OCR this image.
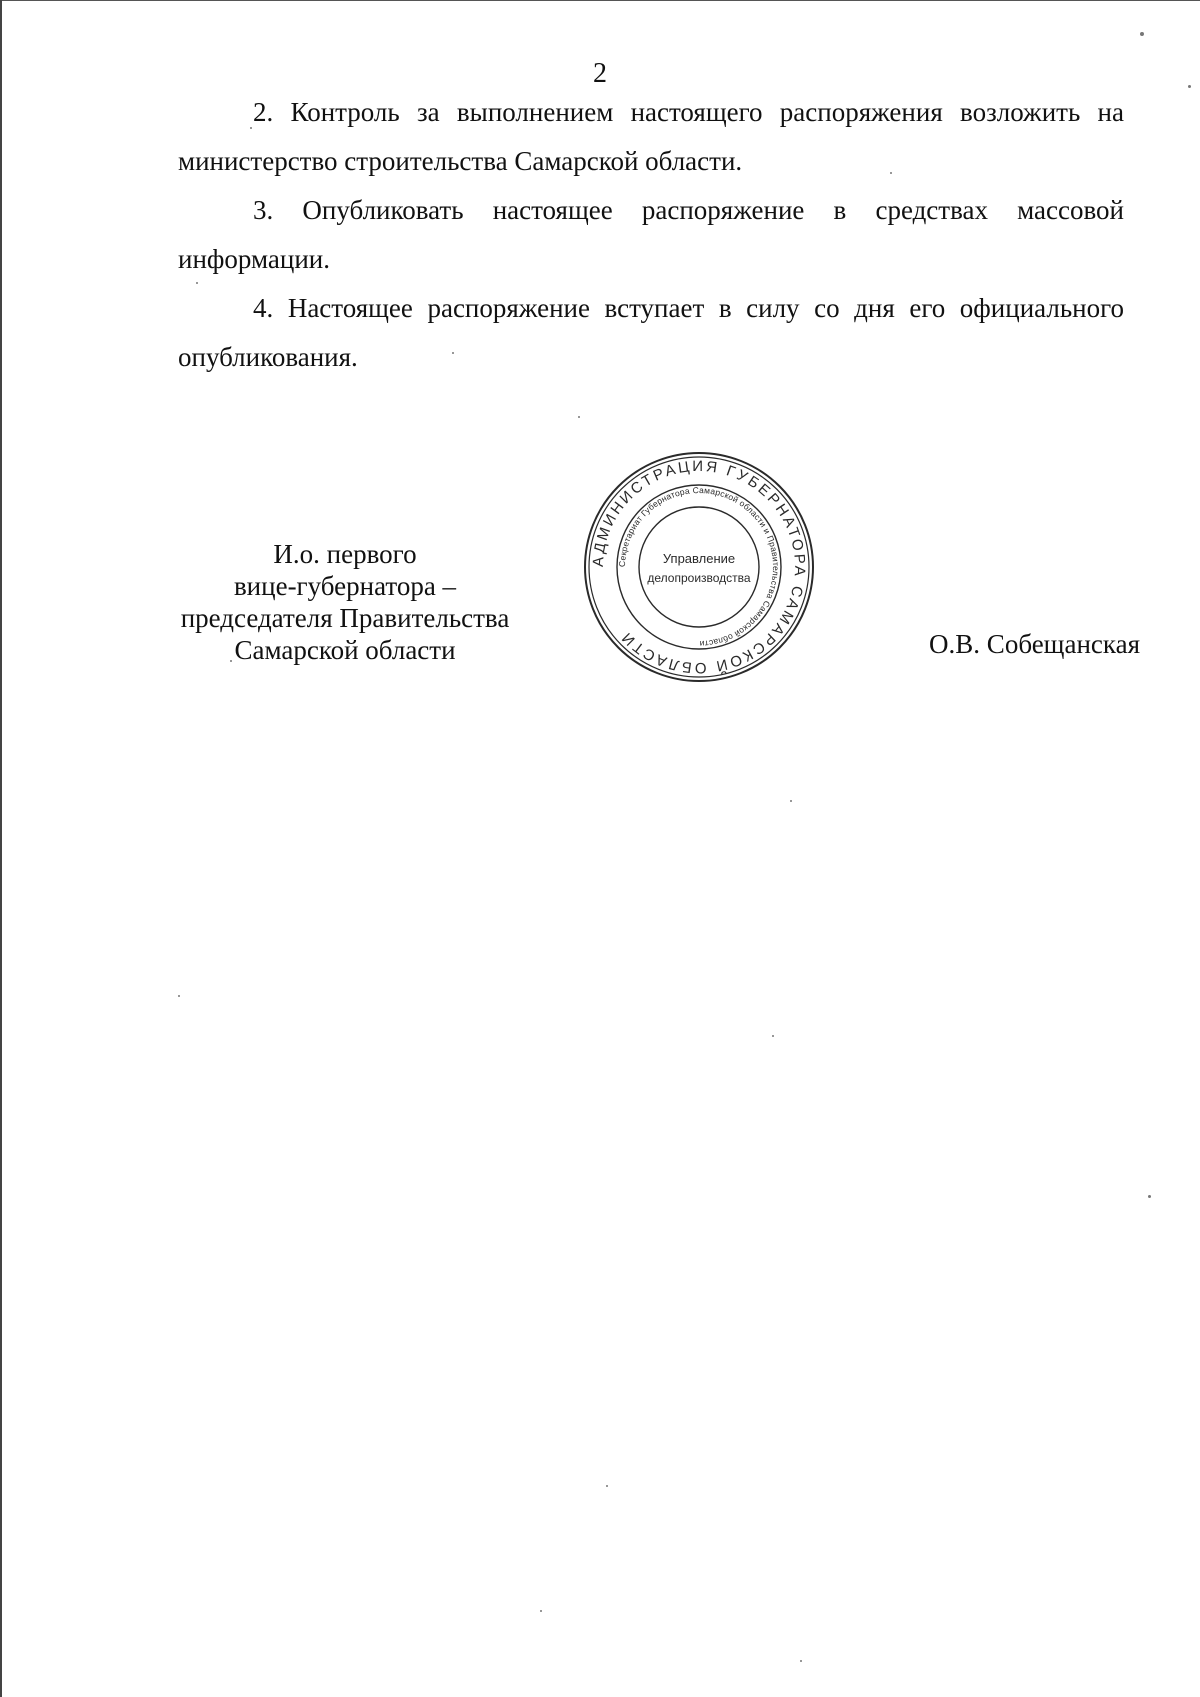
2

2. Контроль за выполнением настоящего распоряжения возложить на министерство строительства Самарской области.

3. Опубликовать настоящее распоряжение в средствах массовой информации.

4. Настоящее распоряжение вступает в силу со дня его официального опубликования.

И.о. первого
вице-губернатора –
председателя Правительства
Самарской области
АДМИНИСТРАЦИЯ ГУБЕРНАТОРА САМАРСКОЙ ОБЛАСТИ
Секретариат Губернатора Самарской области и Правительства Самарской области
Управление
делопроизводства
О.В. Собещанская
